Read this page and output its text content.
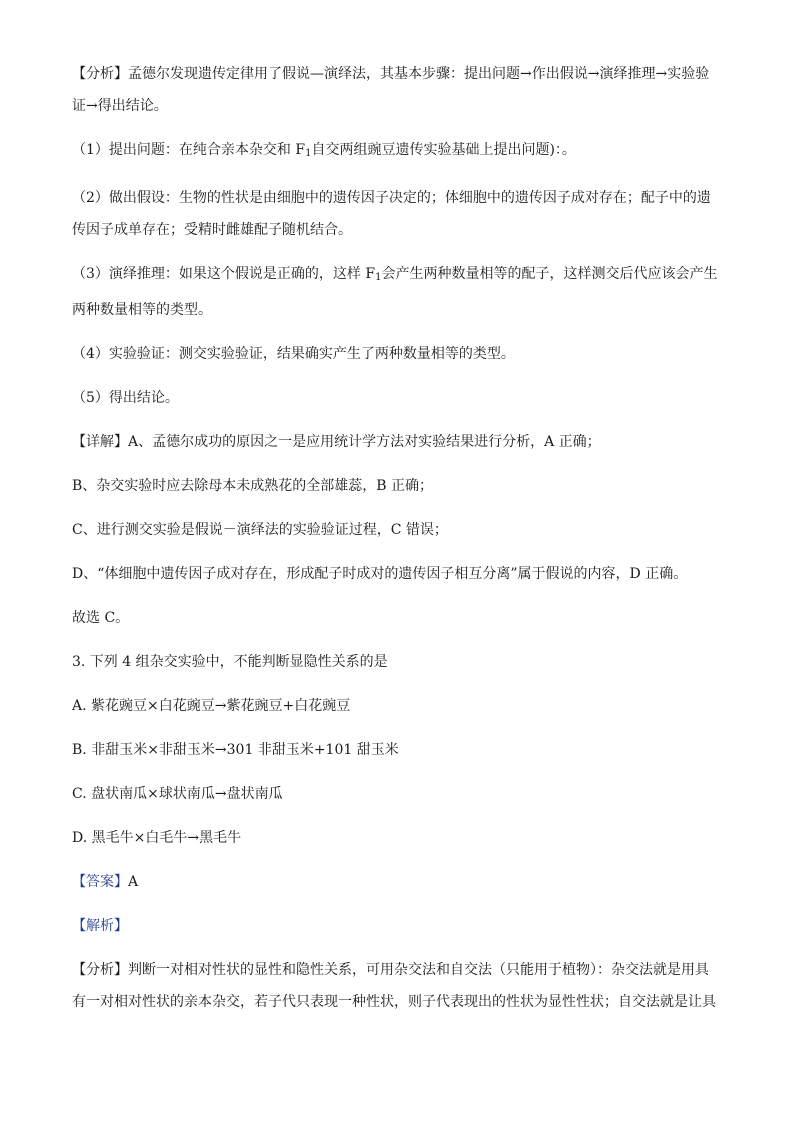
【分析】孟德尔发现遗传定律用了假说—演绎法，其基本步骤：提出问题→作出假说→演绎推理→实验验
证→得出结论。

（1）提出问题：在纯合亲本杂交和 $F_1$自交两组豌豆遗传实验基础上提出问题)：。

（2）做出假设：生物的性状是由细胞中的遗传因子决定的；体细胞中的遗传因子成对存在；配子中的遗
传因子成单存在；受精时雌雄配子随机结合。

（3）演绎推理：如果这个假说是正确的，这样 $F_1$会产生两种数量相等的配子，这样测交后代应该会产生
两种数量相等的类型。

（4）实验验证：测交实验验证，结果确实产生了两种数量相等的类型。

（5）得出结论。

【详解】A、孟德尔成功的原因之一是应用统计学方法对实验结果进行分析，A 正确；

B、杂交实验时应去除母本未成熟花的全部雄蕊，B 正确；

C、进行测交实验是假说－演绎法的实验验证过程，C 错误；

D、“体细胞中遗传因子成对存在，形成配子时成对的遗传因子相互分离”属于假说的内容，D 正确。

故选 C。

3. 下列 4 组杂交实验中，不能判断显隐性关系的是

A. 紫花豌豆×白花豌豆→紫花豌豆+白花豌豆

B. 非甜玉米×非甜玉米→301 非甜玉米+101 甜玉米

C. 盘状南瓜×球状南瓜→盘状南瓜

D. 黑毛牛×白毛牛→黑毛牛

【答案】A

【解析】

【分析】判断一对相对性状的显性和隐性关系，可用杂交法和自交法（只能用于植物）：杂交法就是用具
有一对相对性状的亲本杂交，若子代只表现一种性状，则子代表现出的性状为显性性状；自交法就是让具
